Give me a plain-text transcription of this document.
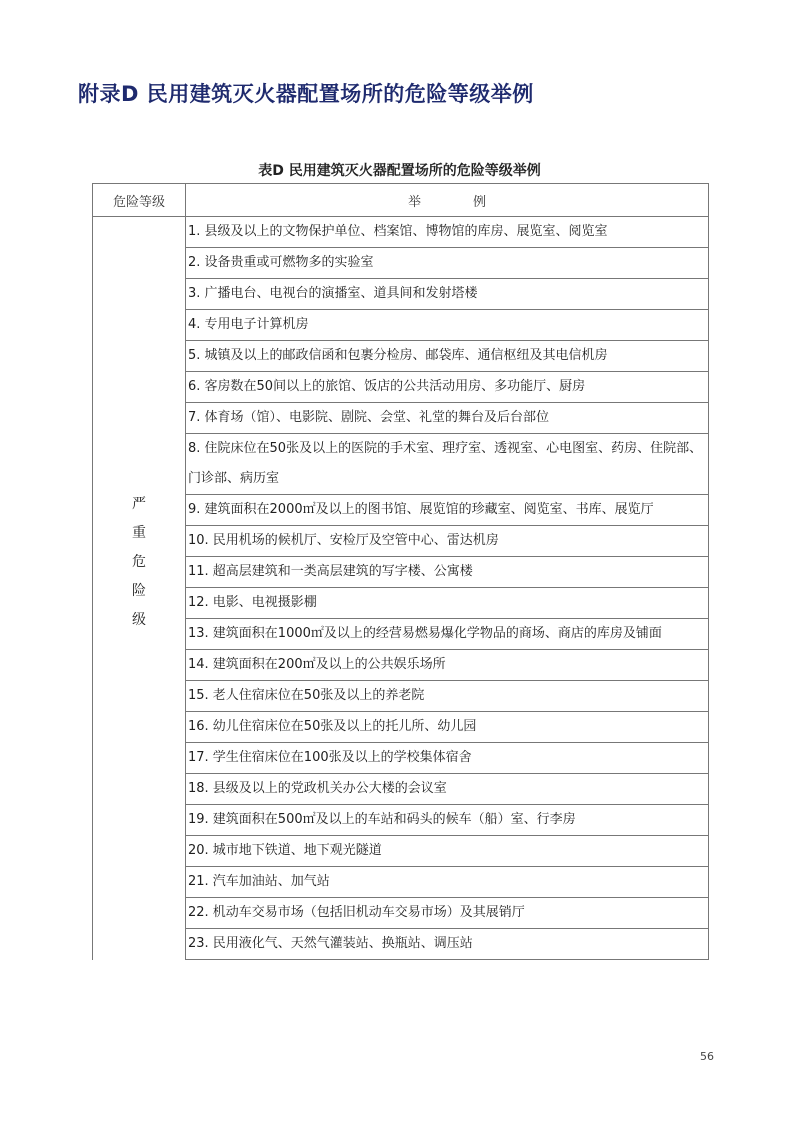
附录D 民用建筑灭火器配置场所的危险等级举例
表D 民用建筑灭火器配置场所的危险等级举例
危险等级	举　　　　例
严重危险级	1. 县级及以上的文物保护单位、档案馆、博物馆的库房、展览室、阅览室
	2. 设备贵重或可燃物多的实验室
	3. 广播电台、电视台的演播室、道具间和发射塔楼
	4. 专用电子计算机房
	5. 城镇及以上的邮政信函和包裹分检房、邮袋库、通信枢纽及其电信机房
	6. 客房数在50间以上的旅馆、饭店的公共活动用房、多功能厅、厨房
	7. 体育场（馆）、电影院、剧院、会堂、礼堂的舞台及后台部位
	8. 住院床位在50张及以上的医院的手术室、理疗室、透视室、心电图室、药房、住院部、门诊部、病历室
	9. 建筑面积在2000㎡及以上的图书馆、展览馆的珍藏室、阅览室、书库、展览厅
	10. 民用机场的候机厅、安检厅及空管中心、雷达机房
	11. 超高层建筑和一类高层建筑的写字楼、公寓楼
	12. 电影、电视摄影棚
	13. 建筑面积在1000㎡及以上的经营易燃易爆化学物品的商场、商店的库房及铺面
	14. 建筑面积在200㎡及以上的公共娱乐场所
	15. 老人住宿床位在50张及以上的养老院
	16. 幼儿住宿床位在50张及以上的托儿所、幼儿园
	17. 学生住宿床位在100张及以上的学校集体宿舍
	18. 县级及以上的党政机关办公大楼的会议室
	19. 建筑面积在500㎡及以上的车站和码头的候车（船）室、行李房
	20. 城市地下铁道、地下观光隧道
	21. 汽车加油站、加气站
	22. 机动车交易市场（包括旧机动车交易市场）及其展销厅
	23. 民用液化气、天然气灌装站、换瓶站、调压站
56
